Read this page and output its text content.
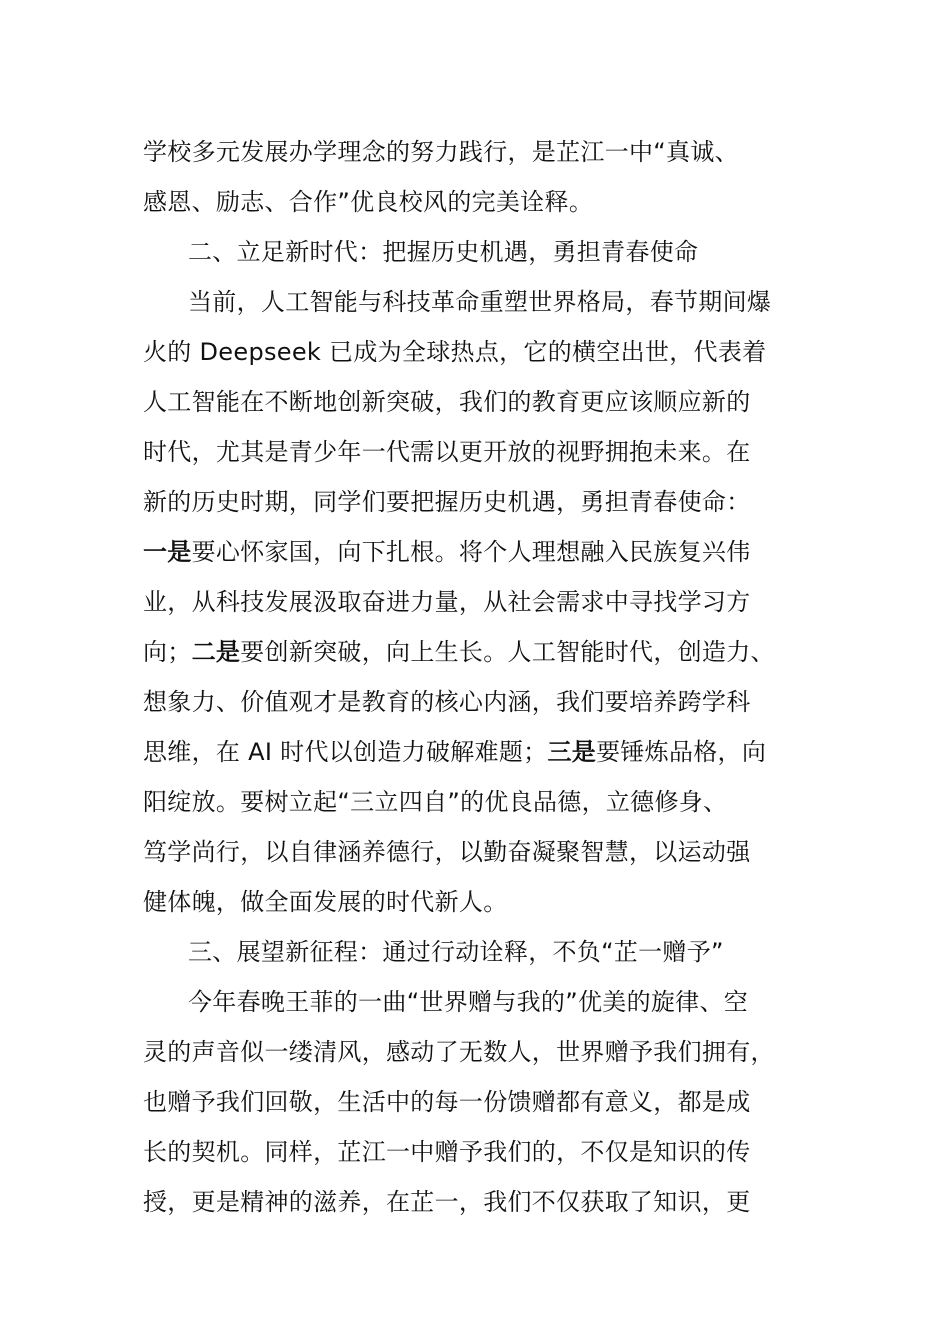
学校多元发展办学理念的努力践行，是芷江一中“真诚、
感恩、励志、合作”优良校风的完美诠释。
二、立足新时代：把握历史机遇，勇担青春使命
当前，人工智能与科技革命重塑世界格局，春节期间爆
火的 Deepseek 已成为全球热点，它的横空出世，代表着
人工智能在不断地创新突破，我们的教育更应该顺应新的
时代，尤其是青少年一代需以更开放的视野拥抱未来。在
新的历史时期，同学们要把握历史机遇，勇担青春使命：
一是要心怀家国，向下扎根。将个人理想融入民族复兴伟
业，从科技发展汲取奋进力量，从社会需求中寻找学习方
向；二是要创新突破，向上生长。人工智能时代，创造力、
想象力、价值观才是教育的核心内涵，我们要培养跨学科
思维，在 AI 时代以创造力破解难题；三是要锤炼品格，向
阳绽放。要树立起“三立四自”的优良品德，立德修身、
笃学尚行，以自律涵养德行，以勤奋凝聚智慧，以运动强
健体魄，做全面发展的时代新人。
三、展望新征程：通过行动诠释，不负“芷一赠予”
今年春晚王菲的一曲“世界赠与我的”优美的旋律、空
灵的声音似一缕清风，感动了无数人，世界赠予我们拥有，
也赠予我们回敬，生活中的每一份馈赠都有意义，都是成
长的契机。同样，芷江一中赠予我们的，不仅是知识的传
授，更是精神的滋养，在芷一，我们不仅获取了知识，更
